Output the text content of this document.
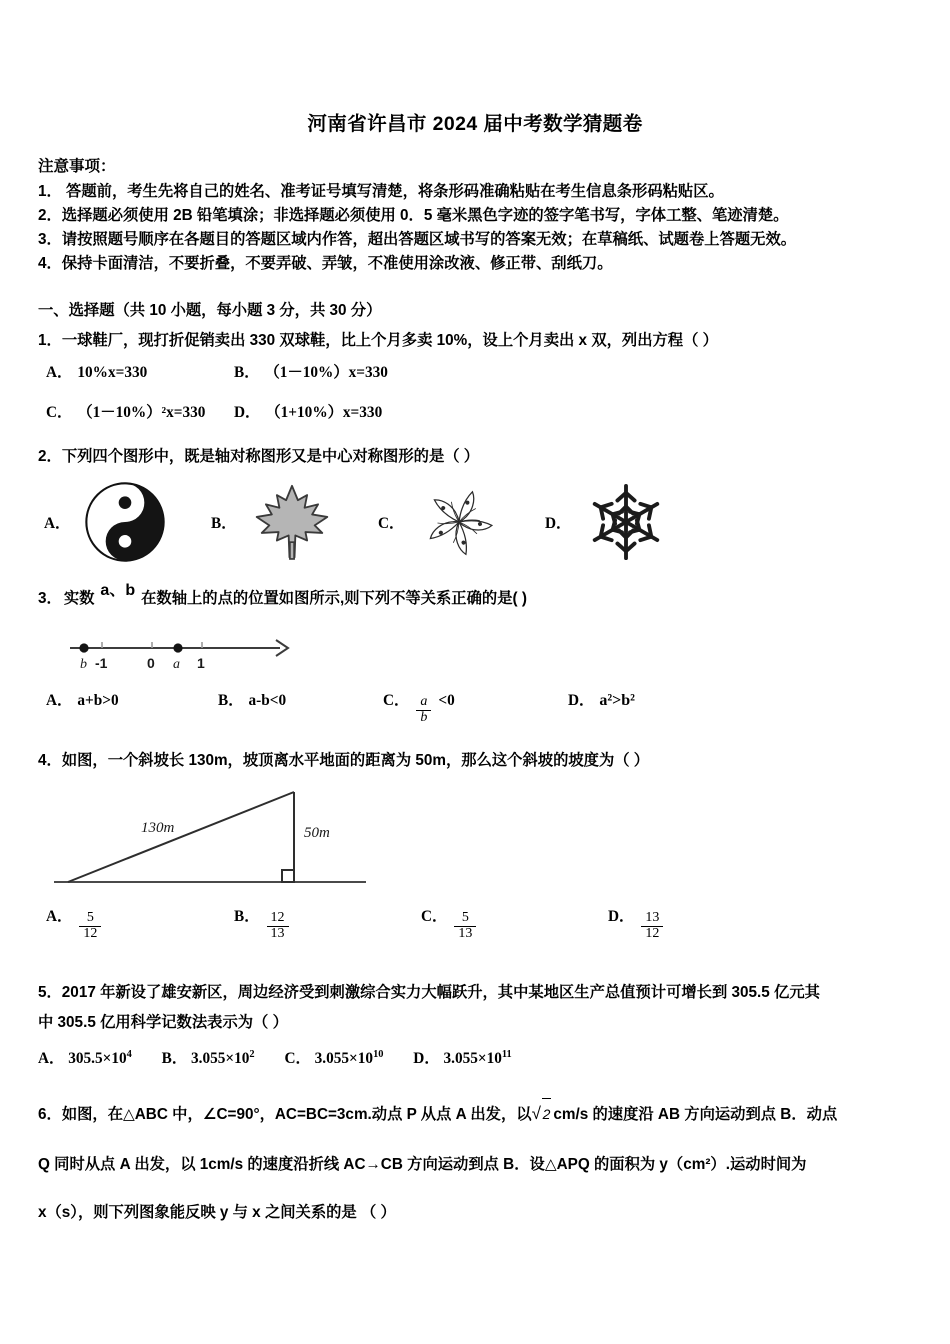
河南省许昌市 2024 届中考数学猜题卷
注意事项：
1． 答题前，考生先将自己的姓名、准考证号填写清楚，将条形码准确粘贴在考生信息条形码粘贴区。
2．选择题必须使用 2B 铅笔填涂；非选择题必须使用 0．5 毫米黑色字迹的签字笔书写，字体工整、笔迹清楚。
3．请按照题号顺序在各题目的答题区域内作答，超出答题区域书写的答案无效；在草稿纸、试题卷上答题无效。
4．保持卡面清洁，不要折叠，不要弄破、弄皱，不准使用涂改液、修正带、刮纸刀。
一、选择题（共 10 小题，每小题 3 分，共 30 分）
1．一球鞋厂，现打折促销卖出 330 双球鞋，比上个月多卖 10%，设上个月卖出 x 双，列出方程（ ）
A． 10%x=330	B． （1－10%）x=330
C． （1－10%）²x=330 D． （1+10%）x=330
2．下列四个图形中，既是轴对称图形又是中心对称图形的是（ ）
A．	B．	C．	D．
3． 实数 a、b 在数轴上的点的位置如图所示,则下列不等关系正确的是( )
b -1	0 a 1
A． a+b>0	B． a-b<0	C． $\frac{a}{b} <0$	D． a²>b²
4．如图，一个斜坡长 130m，坡顶离水平地面的距离为 50m，那么这个斜坡的坡度为（ ）
130m	50m
A． $\frac{5}{12}$	B． $\frac{12}{13}$	C． $\frac{5}{13}$	D． $\frac{13}{12}$
5．2017 年新设了雄安新区，周边经济受到刺激综合实力大幅跃升，其中某地区生产总值预计可增长到 305.5 亿元其
中 305.5 亿用科学记数法表示为（ ）
A． $305.5\times 10^4$ B． $3.055\times 10^2$ C． $3.055\times 10^{10}$ D． $3.055\times 10^{11}$
6． 如图，在△ABC 中，∠C=90°，AC=BC=3cm.动点 P 从点 A 出发，以 √ 2 cm/s 的速度沿 AB 方向运动到点 B．动点
Q 同时从点 A 出发，以 1cm/s 的速度沿折线 AC→CB 方向运动到点 B．设△APQ 的面积为 y（cm²）.运动时间为
x（s），则下列图象能反映 y 与 x 之间关系的是 （ ）
